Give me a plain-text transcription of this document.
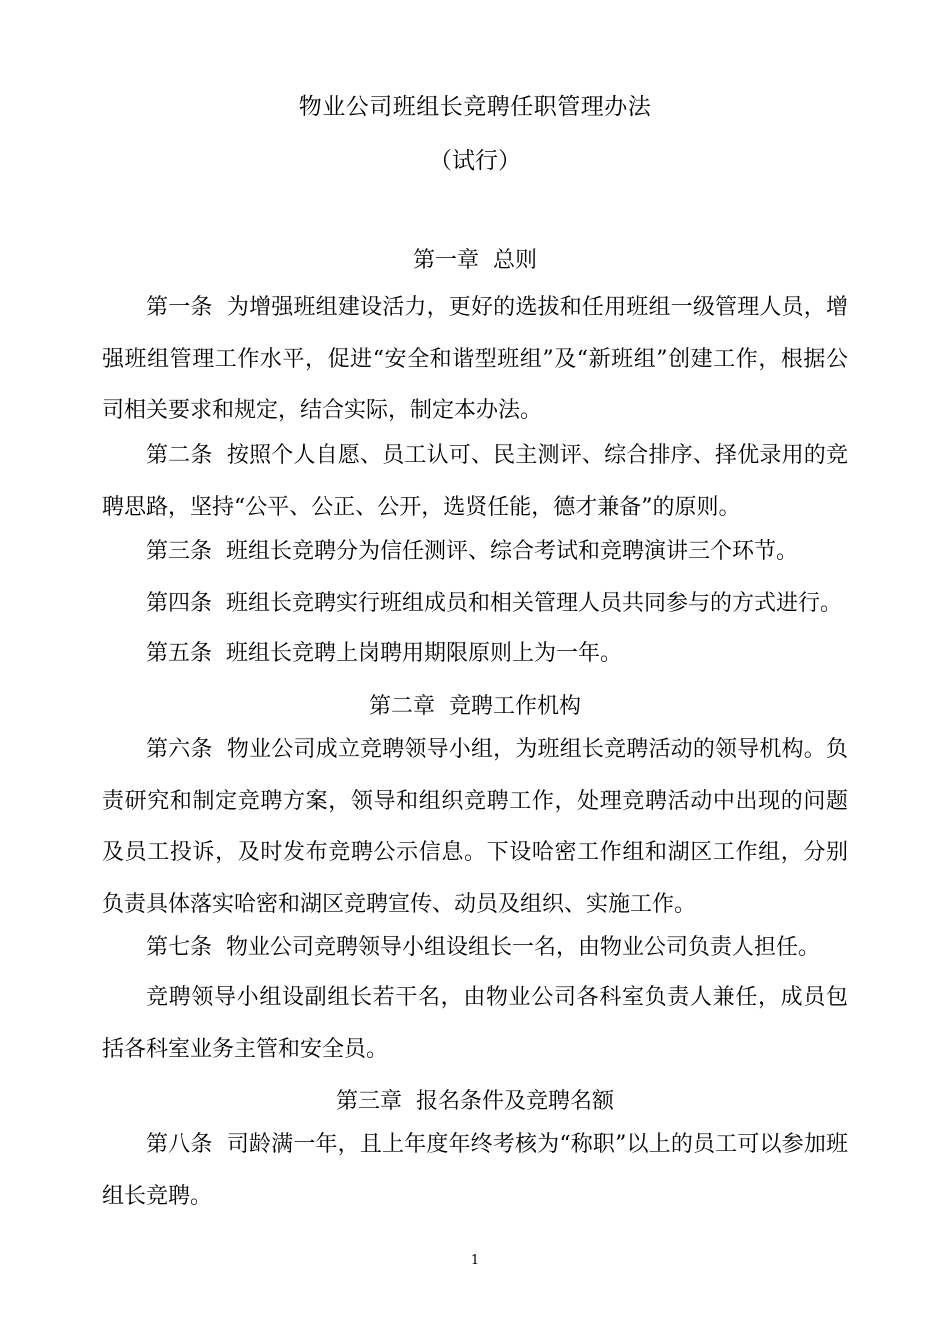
物业公司班组长竞聘任职管理办法
（试行）
第一章  总则
第一条  为增强班组建设活力，更好的选拔和任用班组一级管理人员，增强班组管理工作水平，促进“安全和谐型班组”及“新班组”创建工作，根据公司相关要求和规定，结合实际，制定本办法。
第二条  按照个人自愿、员工认可、民主测评、综合排序、择优录用的竞聘思路，坚持“公平、公正、公开，选贤任能，德才兼备”的原则。
第三条  班组长竞聘分为信任测评、综合考试和竞聘演讲三个环节。
第四条  班组长竞聘实行班组成员和相关管理人员共同参与的方式进行。
第五条  班组长竞聘上岗聘用期限原则上为一年。
第二章  竞聘工作机构
第六条  物业公司成立竞聘领导小组，为班组长竞聘活动的领导机构。负责研究和制定竞聘方案，领导和组织竞聘工作，处理竞聘活动中出现的问题及员工投诉，及时发布竞聘公示信息。下设哈密工作组和湖区工作组，分别负责具体落实哈密和湖区竞聘宣传、动员及组织、实施工作。
第七条  物业公司竞聘领导小组设组长一名，由物业公司负责人担任。
竞聘领导小组设副组长若干名，由物业公司各科室负责人兼任，成员包括各科室业务主管和安全员。
第三章  报名条件及竞聘名额
第八条  司龄满一年，且上年度年终考核为“称职”以上的员工可以参加班组长竞聘。
1
